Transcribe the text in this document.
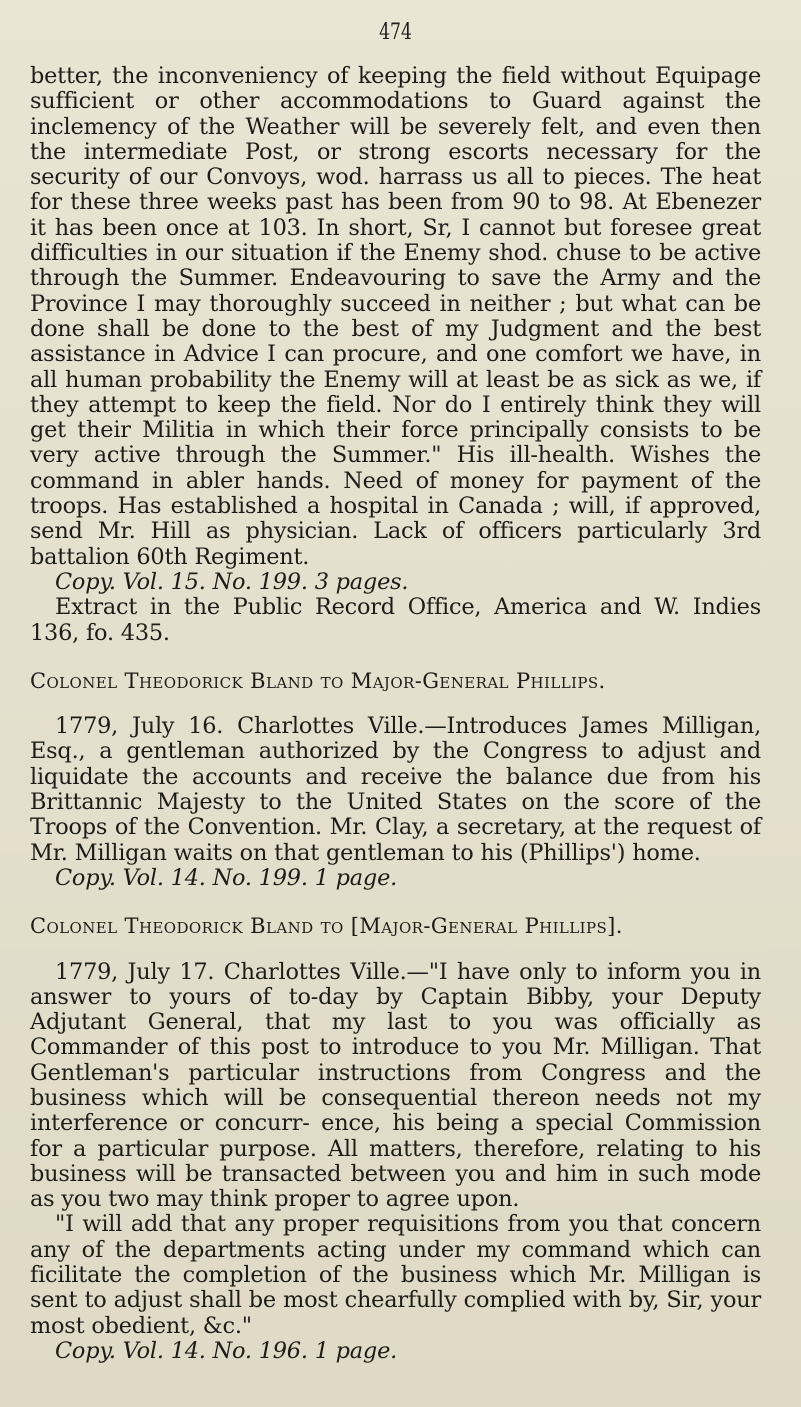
474

better, the inconveniency of keeping the field without Equipage sufficient or other accommodations to Guard against the inclemency of the Weather will be severely felt, and even then the intermediate Post, or strong escorts necessary for the security of our Convoys, wod. harrass us all to pieces. The heat for these three weeks past has been from 90 to 98. At Ebenezer it has been once at 103. In short, Sr, I cannot but foresee great difficulties in our situation if the Enemy shod. chuse to be active through the Summer. Endeavouring to save the Army and the Province I may thoroughly succeed in neither ; but what can be done shall be done to the best of my Judgment and the best assistance in Advice I can procure, and one comfort we have, in all human probability the Enemy will at least be as sick as we, if they attempt to keep the field. Nor do I entirely think they will get their Militia in which their force principally consists to be very active through the Summer." His ill-health. Wishes the command in abler hands. Need of money for payment of the troops. Has established a hospital in Canada ; will, if approved, send Mr. Hill as physician. Lack of officers particularly 3rd battalion 60th Regiment.

Copy. Vol. 15. No. 199. 3 pages.

Extract in the Public Record Office, America and W. Indies 136, fo. 435.

Colonel Theodorick Bland to Major-General Phillips.

1779, July 16. Charlottes Ville.—Introduces James Milligan, Esq., a gentleman authorized by the Congress to adjust and liquidate the accounts and receive the balance due from his Brittannic Majesty to the United States on the score of the Troops of the Convention. Mr. Clay, a secretary, at the request of Mr. Milligan waits on that gentleman to his (Phillips') home.

Copy. Vol. 14. No. 199. 1 page.

Colonel Theodorick Bland to [Major-General Phillips].

1779, July 17. Charlottes Ville.—"I have only to inform you in answer to yours of to-day by Captain Bibby, your Deputy Adjutant General, that my last to you was officially as Commander of this post to introduce to you Mr. Milligan. That Gentleman's particular instructions from Congress and the business which will be consequential thereon needs not my interference or concurr- ence, his being a special Commission for a particular purpose. All matters, therefore, relating to his business will be transacted between you and him in such mode as you two may think proper to agree upon.

"I will add that any proper requisitions from you that concern any of the departments acting under my command which can ficilitate the completion of the business which Mr. Milligan is sent to adjust shall be most chearfully complied with by, Sir, your most obedient, &c."

Copy. Vol. 14. No. 196. 1 page.
